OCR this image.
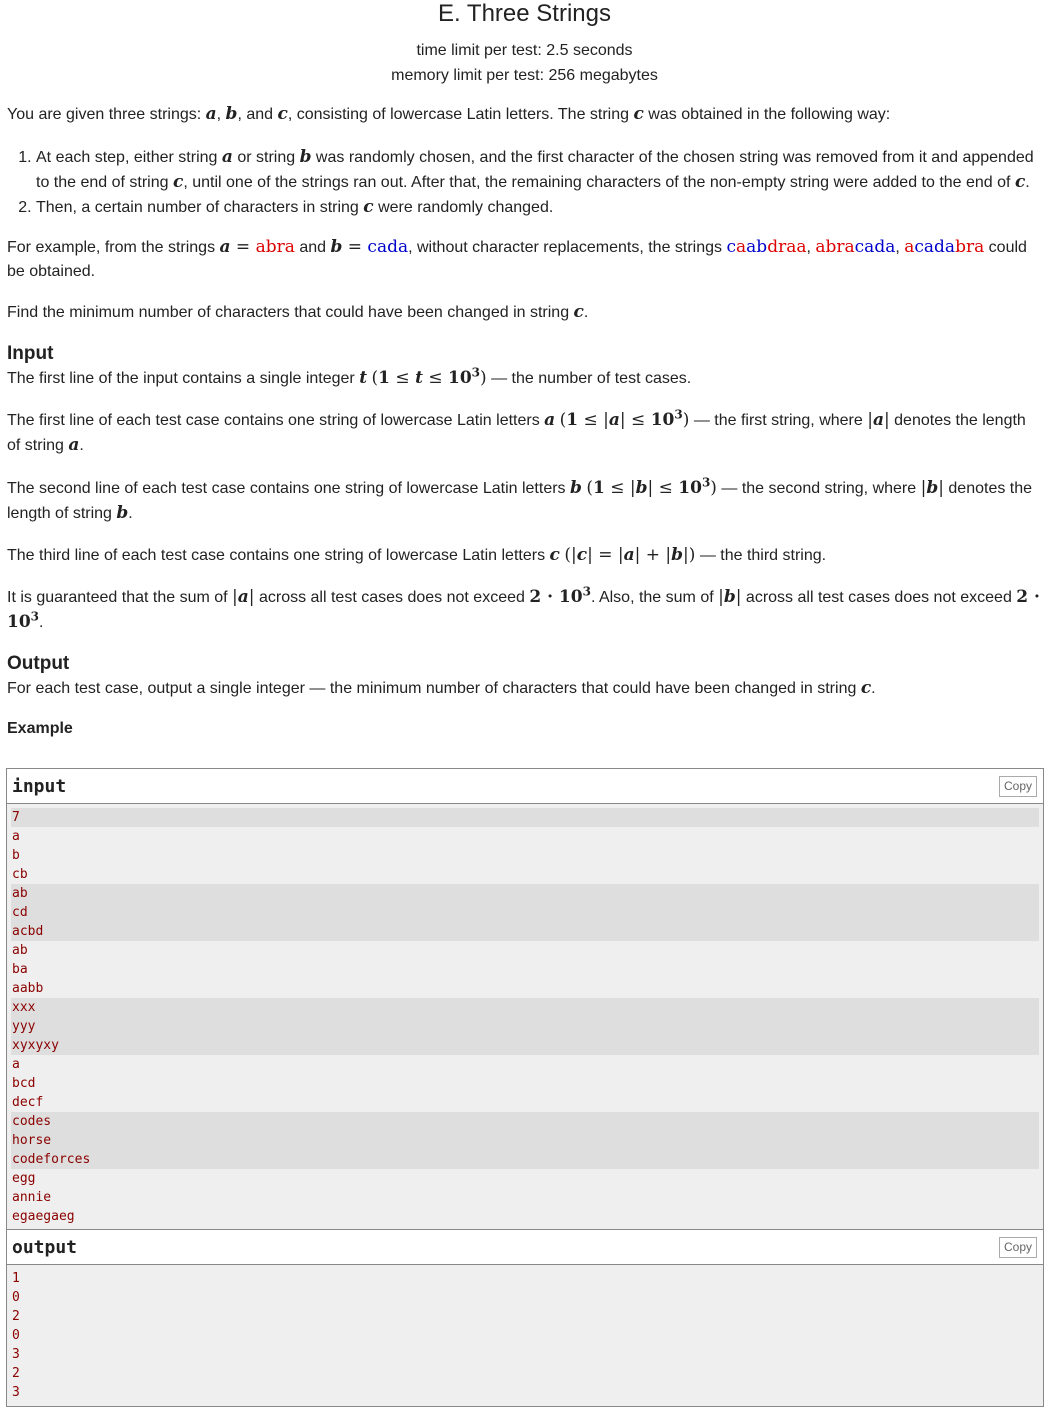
E. Three Strings
time limit per test: 2.5 seconds
memory limit per test: 256 megabytes
You are given three strings: a, b, and c, consisting of lowercase Latin letters. The string c was obtained in the following way:
1. At each step, either string a or string b was randomly chosen, and the first character of the chosen string was removed from it and appended to the end of string c, until one of the strings ran out. After that, the remaining characters of the non-empty string were added to the end of c.
2. Then, a certain number of characters in string c were randomly changed.
For example, from the strings a = abra and b = cada, without character replacements, the strings caabdraa, abracada, acadabra could be obtained.
Find the minimum number of characters that could have been changed in string c.
Input
The first line of the input contains a single integer t $(1 \le t \le 10^3)$ — the number of test cases.
The first line of each test case contains one string of lowercase Latin letters a $(1 \le |a| \le 10^3)$ — the first string, where |a| denotes the length of string a.
The second line of each test case contains one string of lowercase Latin letters b $(1 \le |b| \le 10^3)$ — the second string, where |b| denotes the length of string b.
The third line of each test case contains one string of lowercase Latin letters c (|c| = |a| + |b|) — the third string.
It is guaranteed that the sum of |a| across all test cases does not exceed $2 \cdot 10^3$. Also, the sum of |b| across all test cases does not exceed $2 \cdot 10^3$.
Output
For each test case, output a single integer — the minimum number of characters that could have been changed in string c.
Example
input	Copy
7
a
b
cb
ab
cd
acbd
ab
ba
aabb
xxx
yyy
xyxyxy
a
bcd
decf
codes
horse
codeforces
egg
annie
egaegaeg
output	Copy
1
0
2
0
3
2
3
